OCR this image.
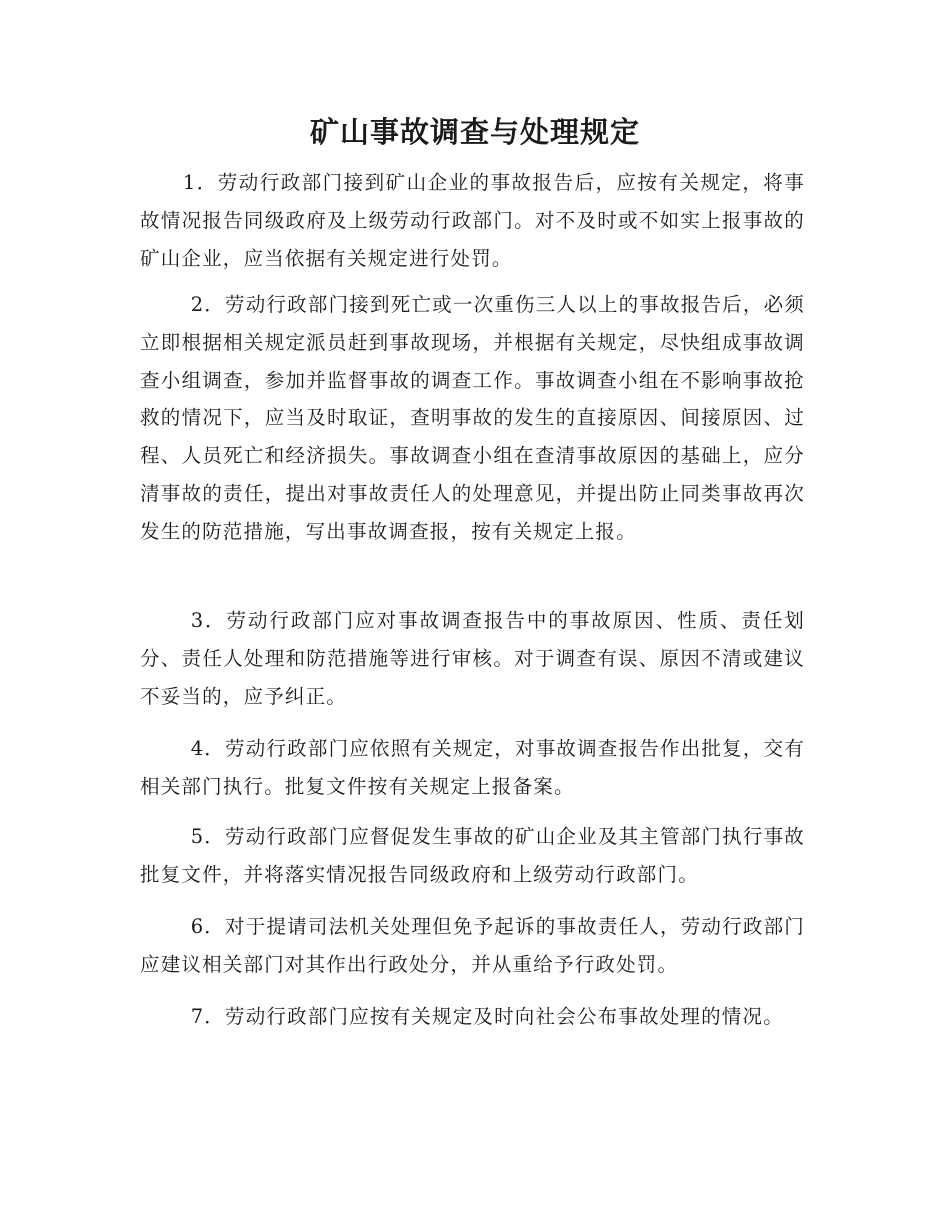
矿山事故调查与处理规定

1．劳动行政部门接到矿山企业的事故报告后，应按有关规定，将事故情况报告同级政府及上级劳动行政部门。对不及时或不如实上报事故的矿山企业，应当依据有关规定进行处罚。

2．劳动行政部门接到死亡或一次重伤三人以上的事故报告后，必须立即根据相关规定派员赶到事故现场，并根据有关规定，尽快组成事故调查小组调查，参加并监督事故的调查工作。事故调查小组在不影响事故抢救的情况下，应当及时取证，查明事故的发生的直接原因、间接原因、过程、人员死亡和经济损失。事故调查小组在查清事故原因的基础上，应分清事故的责任，提出对事故责任人的处理意见，并提出防止同类事故再次发生的防范措施，写出事故调查报，按有关规定上报。

3．劳动行政部门应对事故调查报告中的事故原因、性质、责任划分、责任人处理和防范措施等进行审核。对于调查有误、原因不清或建议不妥当的，应予纠正。

4．劳动行政部门应依照有关规定，对事故调查报告作出批复，交有相关部门执行。批复文件按有关规定上报备案。

5．劳动行政部门应督促发生事故的矿山企业及其主管部门执行事故批复文件，并将落实情况报告同级政府和上级劳动行政部门。

6．对于提请司法机关处理但免予起诉的事故责任人，劳动行政部门应建议相关部门对其作出行政处分，并从重给予行政处罚。

7．劳动行政部门应按有关规定及时向社会公布事故处理的情况。
